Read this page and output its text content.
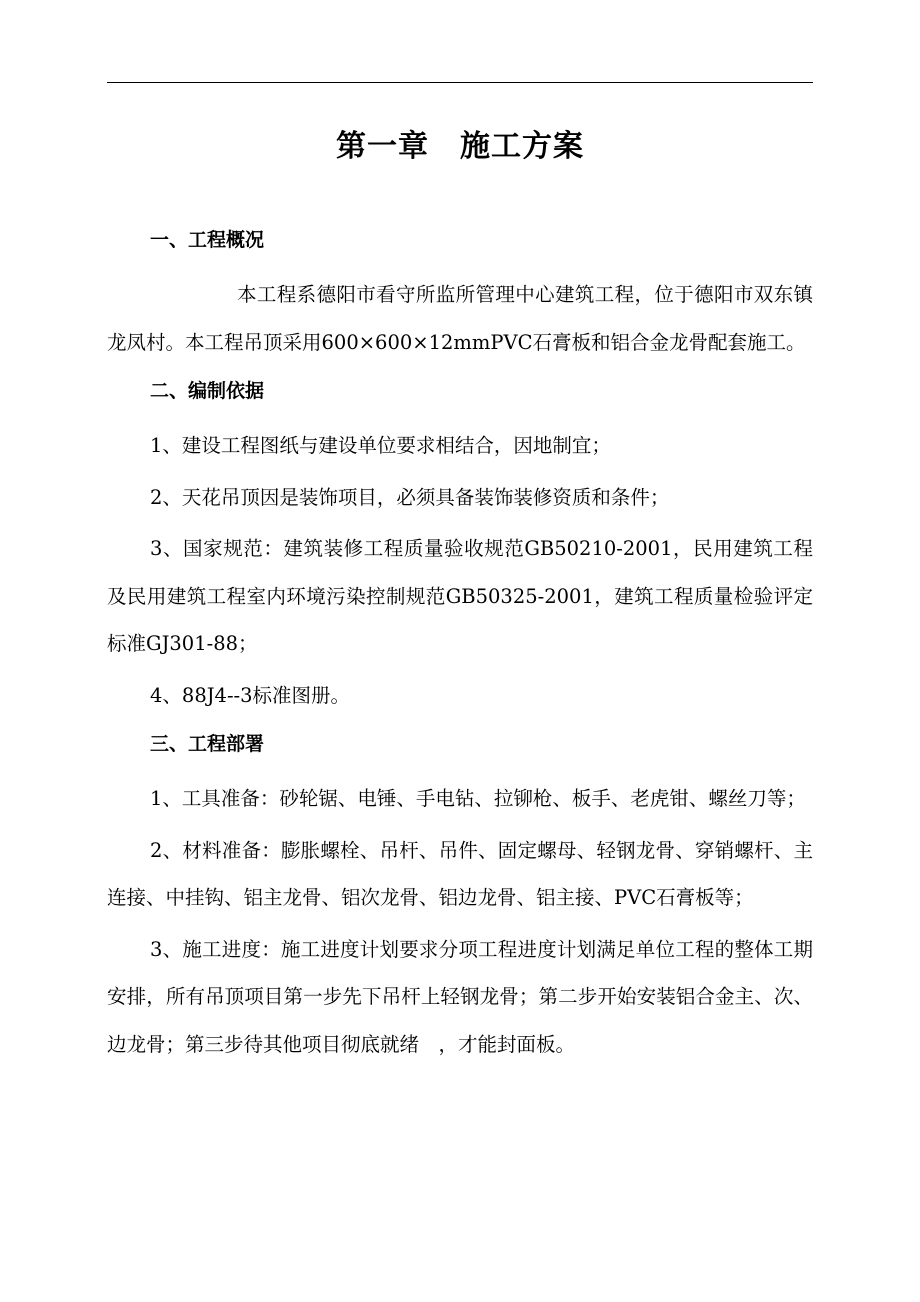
第一章　施工方案
一、工程概况
本工程系德阳市看守所监所管理中心建筑工程，位于德阳市双东镇龙凤村。本工程吊顶采用600×600×12mmPVC石膏板和铝合金龙骨配套施工。
二、编制依据
1、建设工程图纸与建设单位要求相结合，因地制宜；
2、天花吊顶因是装饰项目，必须具备装饰装修资质和条件；
3、国家规范：建筑装修工程质量验收规范GB50210-2001，民用建筑工程及民用建筑工程室内环境污染控制规范GB50325-2001，建筑工程质量检验评定标准GJ301-88；
4、88J4--3标准图册。
三、工程部署
1、工具准备：砂轮锯、电锤、手电钻、拉铆枪、板手、老虎钳、螺丝刀等；
2、材料准备：膨胀螺栓、吊杆、吊件、固定螺母、轻钢龙骨、穿销螺杆、主连接、中挂钩、铝主龙骨、铝次龙骨、铝边龙骨、铝主接、PVC石膏板等；
3、施工进度：施工进度计划要求分项工程进度计划满足单位工程的整体工期安排，所有吊顶项目第一步先下吊杆上轻钢龙骨；第二步开始安装铝合金主、次、边龙骨；第三步待其他项目彻底就绪　，才能封面板。
